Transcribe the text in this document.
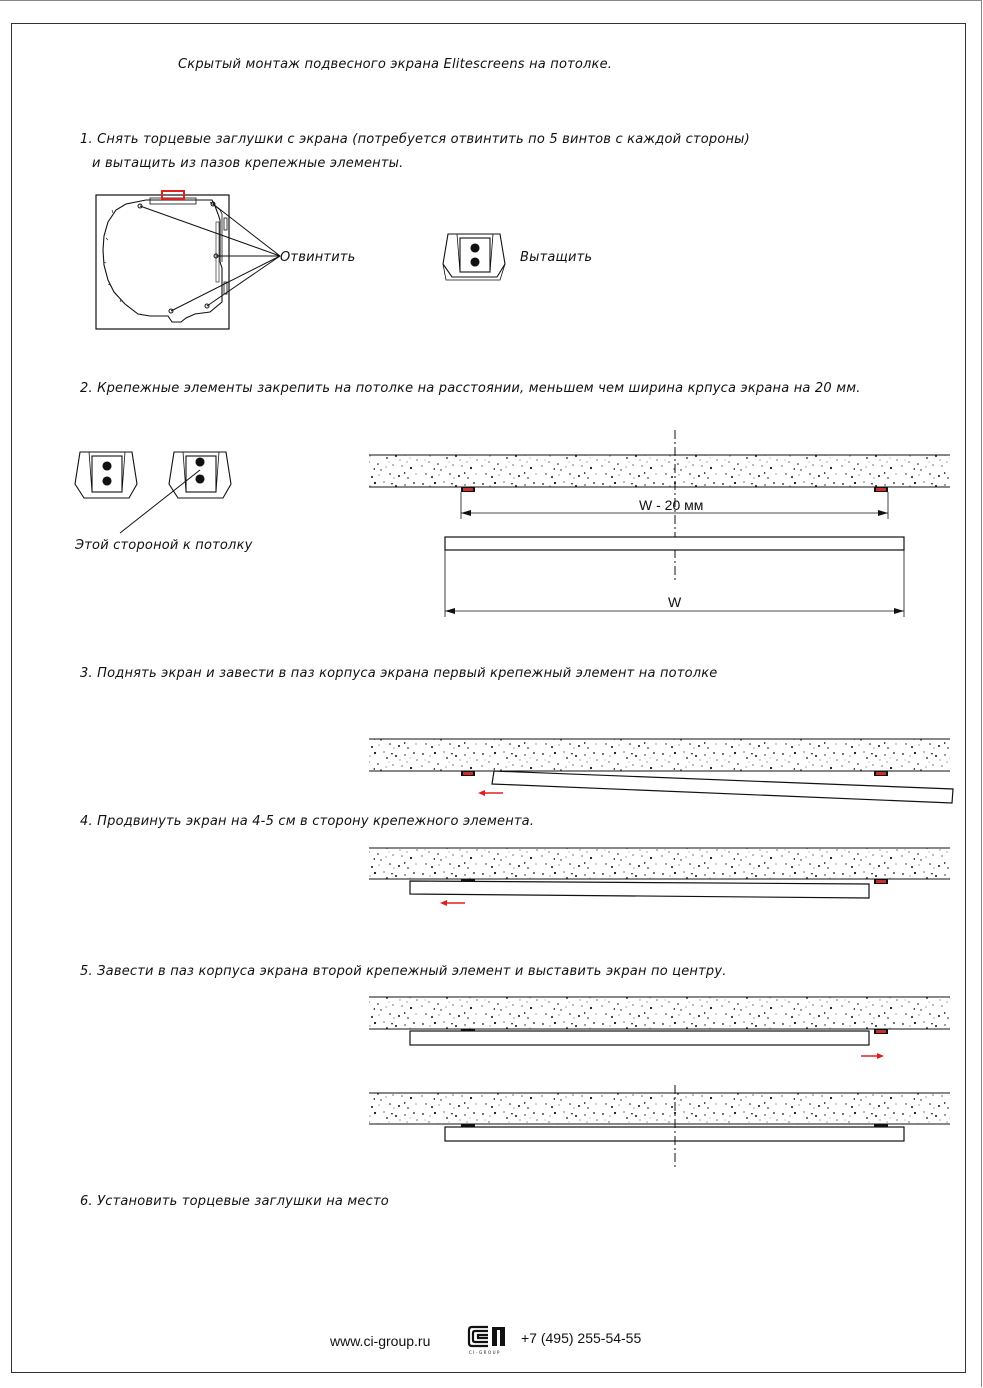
Скрытый монтаж подвесного экрана Elitescreens на потолке.
1. Снять торцевые заглушки с экрана (потребуется отвинтить по 5 винтов с каждой стороны)
и вытащить из пазов крепежные элементы.
Отвинтить	Вытащить
2. Крепежные элементы закрепить на потолке на расстоянии, меньшем чем ширина крпуса экрана на 20 мм.
Этой стороной к потолку
3. Поднять экран и завести в паз корпуса экрана первый крепежный элемент на потолке
4. Продвинуть экран на 4-5 см в сторону крепежного элемента.
5. Завести в паз корпуса экрана второй крепежный элемент и выставить экран по центру.
6. Установить торцевые заглушки на место
W - 20 мм
W
www.ci-group.ru	+7 (495) 255-54-55
CI-GROUP
